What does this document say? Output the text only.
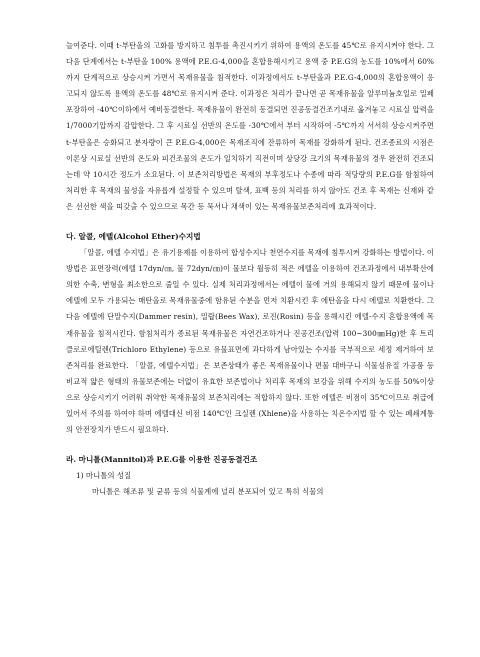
늘여준다. 이때 t-부탄올의 고화를 방지하고 침투를 촉진시키기 위하여 용액의 온도를 45℃로 유지시켜야 한다. 그 다음 단계에서는 t-부탄올 100% 용액에 P.E.G-4,000을 혼합용해시키고 용액 중 P.E.G의 농도를 10%에서 60%까지 단계적으로 상승시켜 가면서 목재유물을 침적한다. 이과정에서도 t-부탄올과 P.E.G-4,000의 혼합용액이 응고되지 않도록 용액의 온도를 48℃로 유지시켜 준다. 이과정은 처리가 끝나면 곧 목재유물을 알루미늄호일로 밀폐포장하여 -40℃이하에서 예비동결한다. 목재유물이 완전히 동결되면 진공동결건조기내로 옮겨놓고 시료실 압력을 1/7000기압까지 감압한다. 그 후 시료실 선반의 온도를 -30℃에서 부터 시작하여 -5℃까지 서서히 상승시켜주면 t-부탄올은 승화되고 분자량이 큰 P.E.G-4,000은 목재조직에 잔류하여 목재를 강화하게 된다. 건조종료의 시점은 이론상 시료실 선반의 온도와 피건조물의 온도가 일치하기 직전이며 상당강 크기의 목재유물의 경우 완전히 건조되는데 약 10시간 정도가 소요된다. 이 보존처리방법은 목재의 부후정도나 수종에 따라 적당량의 P.E.G를 함침하여 처리한 후 목재의 물성을 자유롭게 설정할 수 있으며 탈색, 표백 등의 처리를 하지 않아도 건조 후 목재는 신재와 같은 선선한 색을 띠갖출 수 있으므로 목간 등 묵서나 채색이 있는 목재유물보존처리에 효과적이다.

다. 알콜, 에텔(Alcohol Ether)수지법

「알콜, 에텔 수지법」은 유기용제를 이용하여 합성수지나 천연수지를 목재에 침투시켜 강화하는 방법이다. 이 방법은 표면장력(에텔 17dyn/㎝, 물 72dyn/㎝)이 물보다 월등히 적은 에텔을 이용하여 건조과정에서 내부확산에 의한 수축, 변형을 최소한으로 줄일 수 있다. 실제 처리과정에서는 에텔이 물에 거의 용해되지 않기 때문에 물이나 에텔에 모두 가용되는 매탄올로 목재유물중에 함유된 수분을 먼저 치환시킨 후 에탄올을 다시 에텔로 치환한다. 그 다음 에텔에 단말수지(Dammer resin), 밀랍(Bees Wax), 로진(Rosin) 등을 용해시킨 에텔-수지 혼합용액에 목재유물을 침적시킨다. 함침처리가 종료된 목재유물은 자연건조하거나 진공건조(압력 100~300㎜Hg)한 후 트리클로로에틸렌(Trichloro Ethylene) 등으로 유물표면에 과다하게 남아있는 수지를 국부적으로 세정 제거하여 보존처리를 완료한다. 「알콜, 에텔수지법」은 보존상태가 좋은 목재유물이나 편물 대바구니 식물섬유질 가공품 등 비교적 얇은 형태의 유물보존에는 더없이 유효한 보존법이나 처리후 목재의 보강을 위해 수지의 농도를 50%이상으로 상승시키기 어려워 취약한 목재유물의 보존처리에는 적합하지 않다. 또한 에텔은 비점이 35℃이므로 취급에 있어서 주의를 하여야 하며 에텔대신 비점 140℃인 크실렌 (Xhlene)을 사용하는 치온수지법 할 수 있는 폐쇄계통의 안전장치가 반드시 필요하다.

라. 마니톨(Mannitol)과 P.E.G를 이용한 진공동결건조
1) 마니톨의 성질

마니톨은 해조류 및 균류 등의 식물계에 널리 분포되어 있고 특히 식물의
